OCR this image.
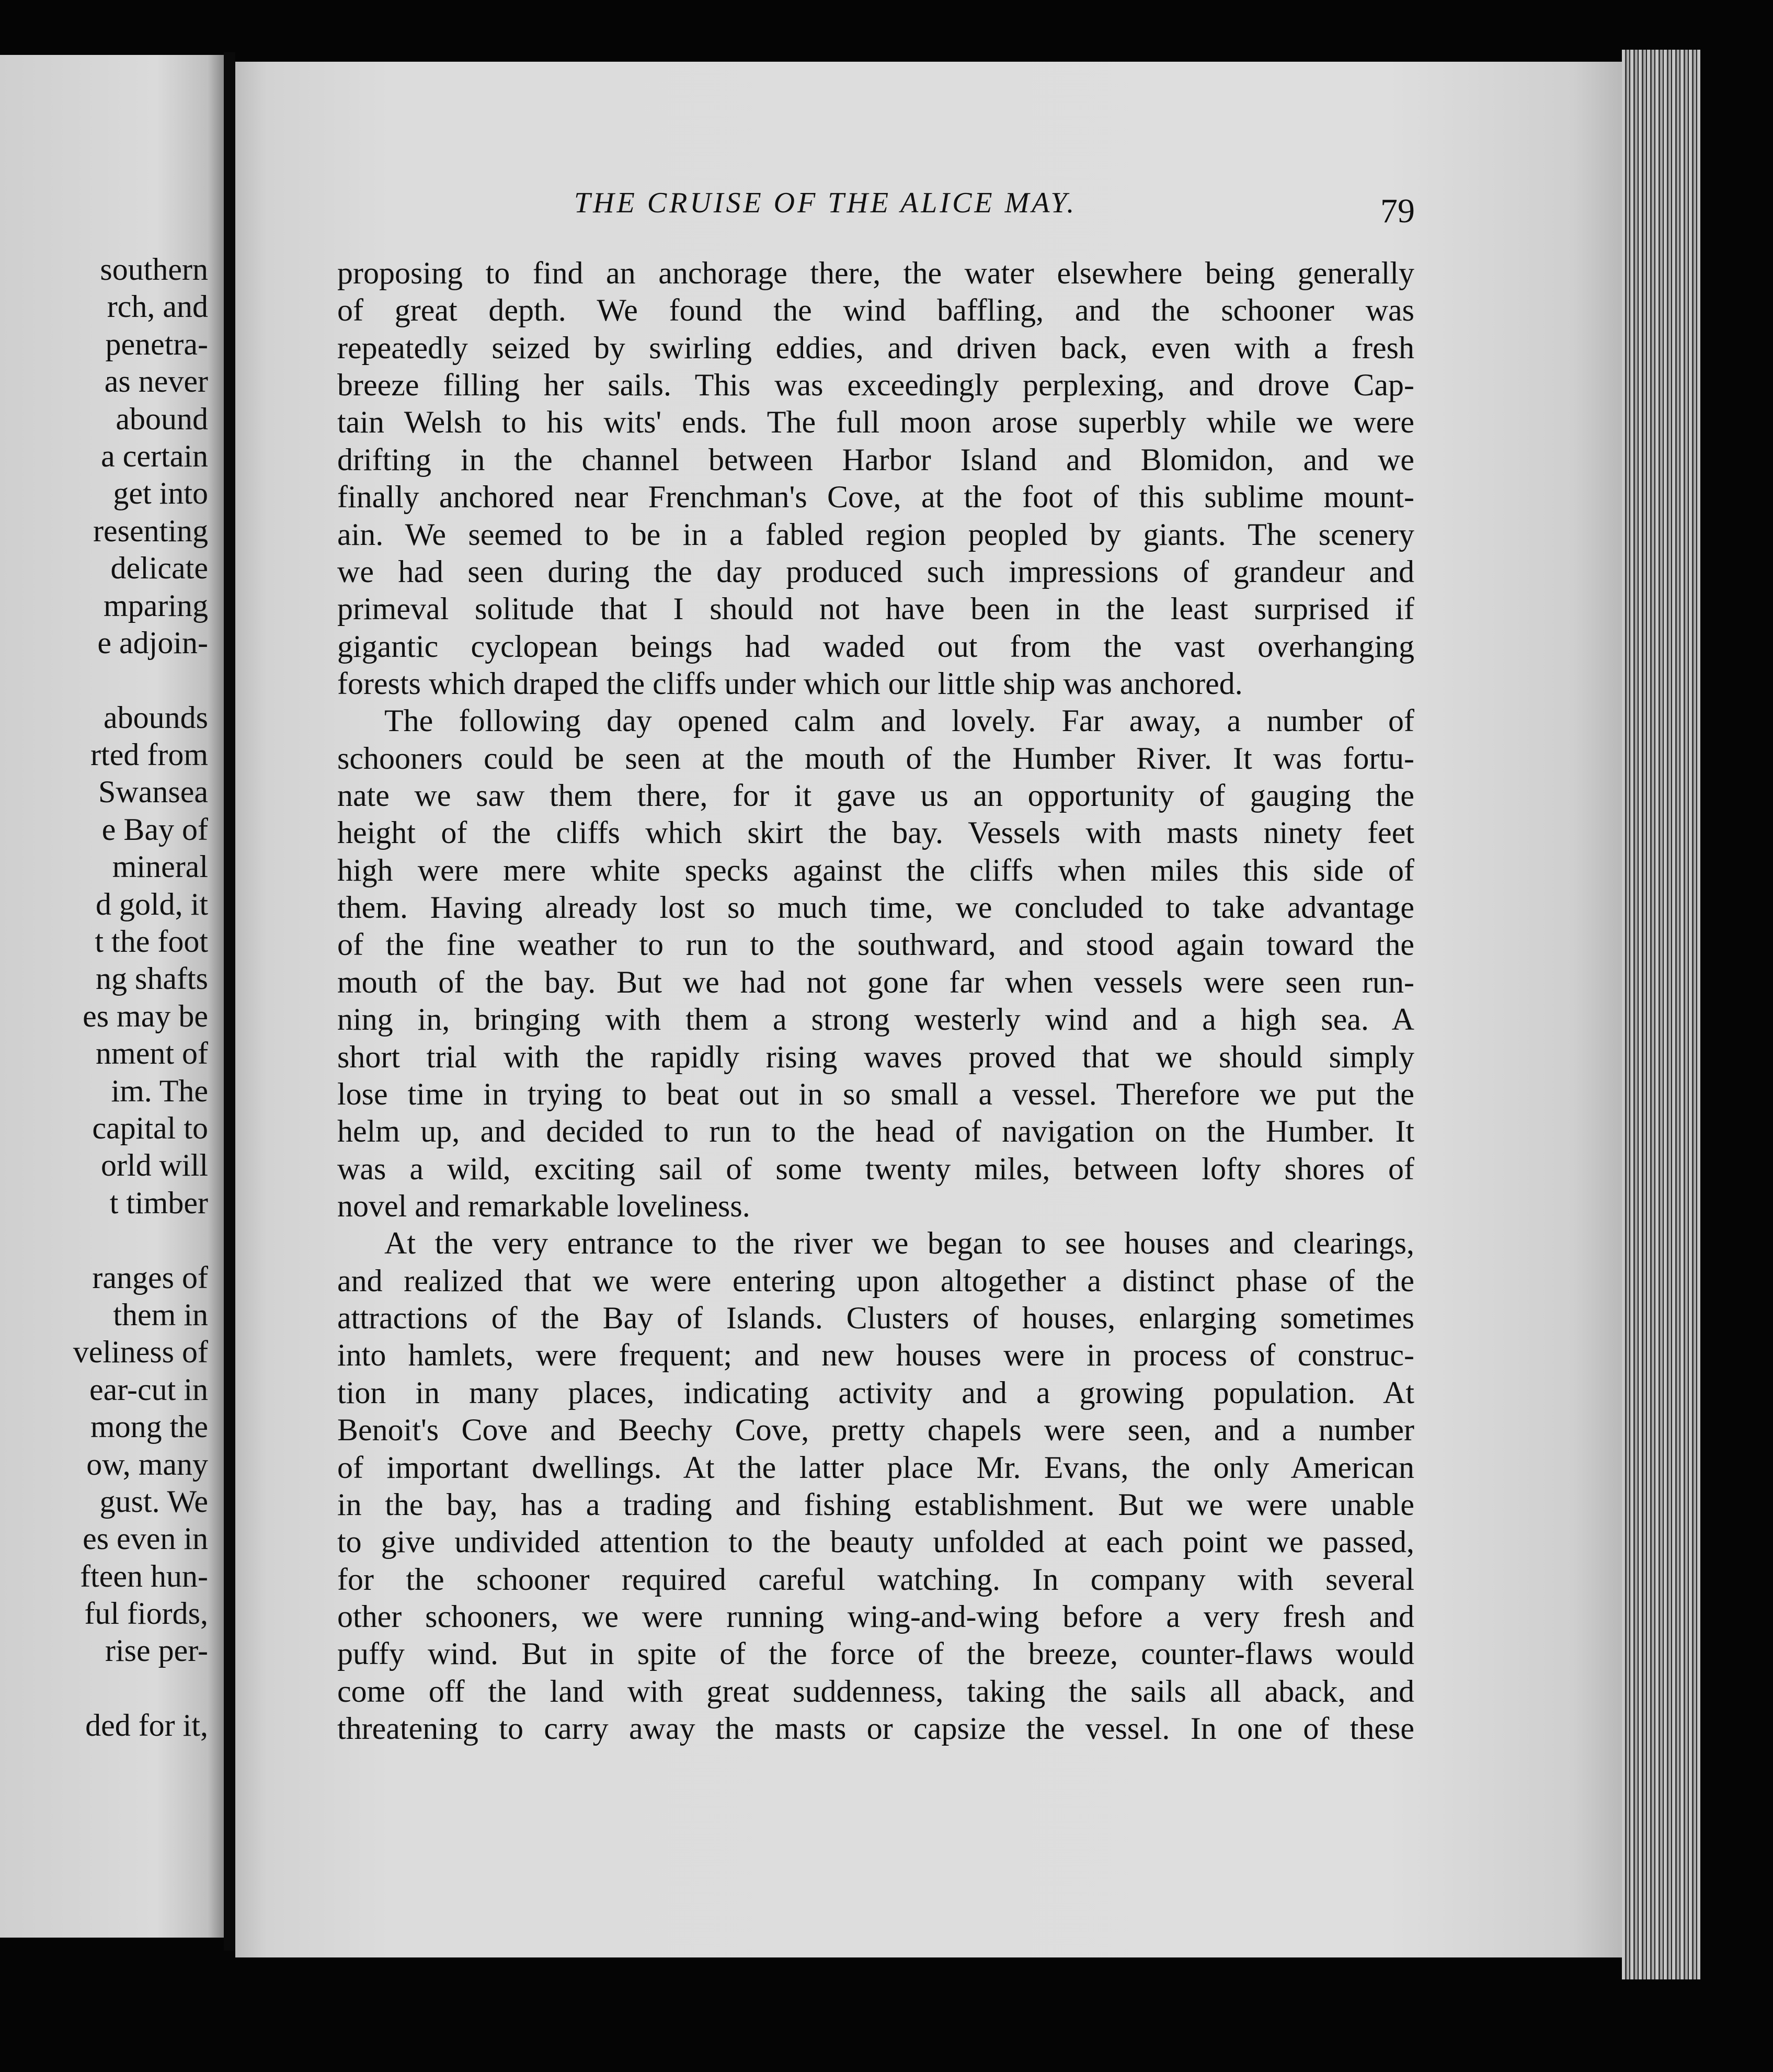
southern
rch, and
penetra-
as never
abound
a certain
get into
resenting
delicate
mparing
e adjoin-
abounds
rted from
Swansea
e Bay of
mineral
d gold, it
t the foot
ng shafts
es may be
nment of
im. The
capital to
orld will
t timber
ranges of
them in
veliness of
ear-cut in
mong the
ow, many
gust. We
es even in
fteen hun-
ful fiords,
rise per-
ded for it,
THE CRUISE OF THE ALICE MAY.	79
proposing to find an anchorage there, the water elsewhere being generally
of great depth. We found the wind baffling, and the schooner was
repeatedly seized by swirling eddies, and driven back, even with a fresh
breeze filling her sails. This was exceedingly perplexing, and drove Cap-
tain Welsh to his wits' ends. The full moon arose superbly while we were
drifting in the channel between Harbor Island and Blomidon, and we
finally anchored near Frenchman's Cove, at the foot of this sublime mount-
ain. We seemed to be in a fabled region peopled by giants. The scenery
we had seen during the day produced such impressions of grandeur and
primeval solitude that I should not have been in the least surprised if
gigantic cyclopean beings had waded out from the vast overhanging
forests which draped the cliffs under which our little ship was anchored.
The following day opened calm and lovely. Far away, a number of
schooners could be seen at the mouth of the Humber River. It was fortu-
nate we saw them there, for it gave us an opportunity of gauging the
height of the cliffs which skirt the bay. Vessels with masts ninety feet
high were mere white specks against the cliffs when miles this side of
them. Having already lost so much time, we concluded to take advantage
of the fine weather to run to the southward, and stood again toward the
mouth of the bay. But we had not gone far when vessels were seen run-
ning in, bringing with them a strong westerly wind and a high sea. A
short trial with the rapidly rising waves proved that we should simply
lose time in trying to beat out in so small a vessel. Therefore we put the
helm up, and decided to run to the head of navigation on the Humber. It
was a wild, exciting sail of some twenty miles, between lofty shores of
novel and remarkable loveliness.
At the very entrance to the river we began to see houses and clearings,
and realized that we were entering upon altogether a distinct phase of the
attractions of the Bay of Islands. Clusters of houses, enlarging sometimes
into hamlets, were frequent; and new houses were in process of construc-
tion in many places, indicating activity and a growing population. At
Benoit's Cove and Beechy Cove, pretty chapels were seen, and a number
of important dwellings. At the latter place Mr. Evans, the only American
in the bay, has a trading and fishing establishment. But we were unable
to give undivided attention to the beauty unfolded at each point we passed,
for the schooner required careful watching. In company with several
other schooners, we were running wing-and-wing before a very fresh and
puffy wind. But in spite of the force of the breeze, counter-flaws would
come off the land with great suddenness, taking the sails all aback, and
threatening to carry away the masts or capsize the vessel. In one of these
